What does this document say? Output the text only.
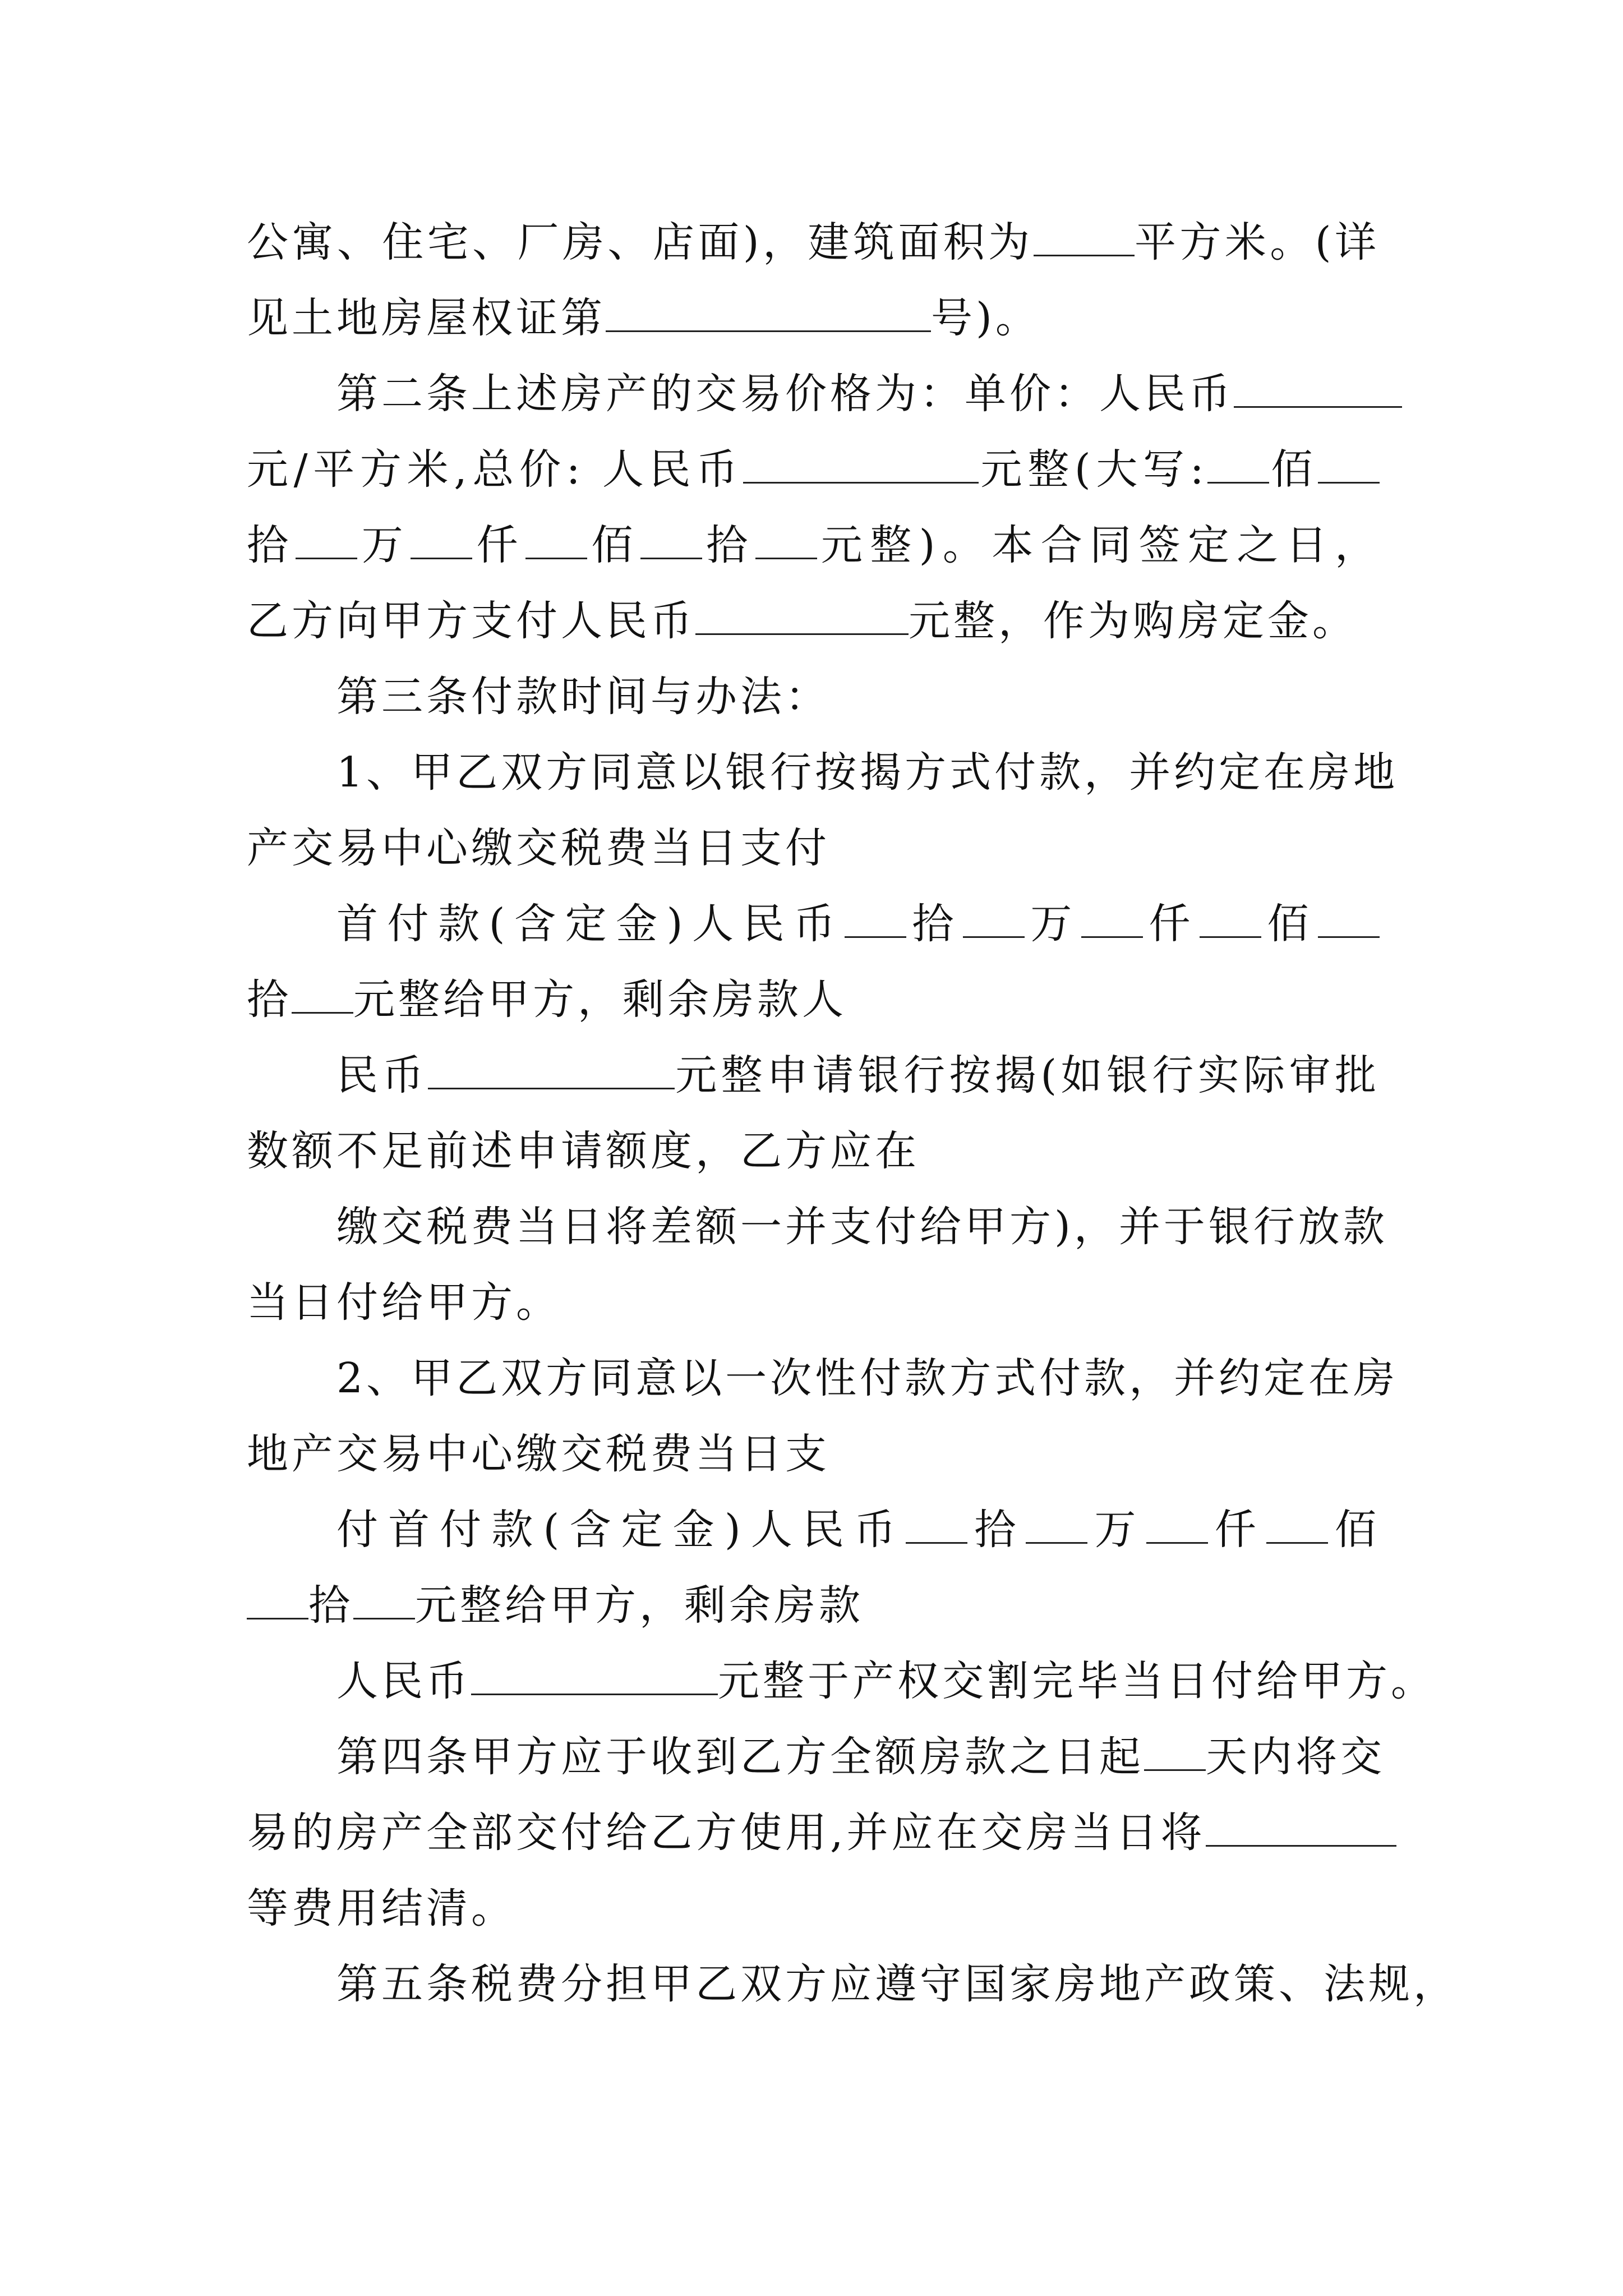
公寓、住宅、厂房、店面)，建筑面积为 平方米。(详
见土地房屋权证第	号)。
第二条上述房产的交易价格为：单价：人民币
元/平方米,总价: 人民币	元整(大写: 佰
拾 万 仟 佰 拾 元整)。本合同签定之日，
乙方向甲方支付人民币	元整，作为购房定金。
第三条付款时间与办法：
1、甲乙双方同意以银行按揭方式付款，并约定在房地
产交易中心缴交税费当日支付
首付款(含定金)人民币 拾 万 仟 佰
拾 元整给甲方，剩余房款人
民币	元整申请银行按揭(如银行实际审批
数额不足前述申请额度，乙方应在
缴交税费当日将差额一并支付给甲方)，并于银行放款
当日付给甲方。
2、甲乙双方同意以一次性付款方式付款，并约定在房
地产交易中心缴交税费当日支
付首付款(含定金)人民币 拾 万 仟 佰
拾 元整给甲方，剩余房款
人民币	元整于产权交割完毕当日付给甲方。
第四条甲方应于收到乙方全额房款之日起 天内将交
易的房产全部交付给乙方使用,并应在交房当日将
等费用结清。
第五条税费分担甲乙双方应遵守国家房地产政策、法规，
